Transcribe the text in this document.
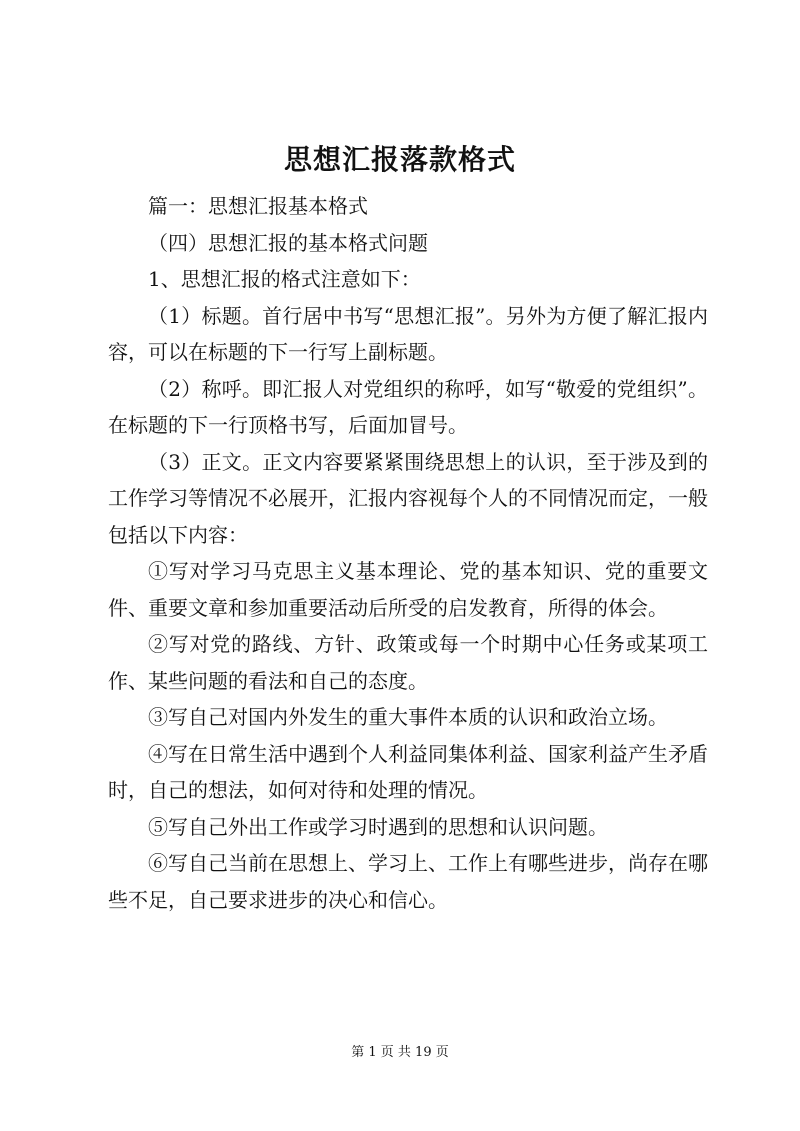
思想汇报落款格式

篇一：思想汇报基本格式

（四）思想汇报的基本格式问题

1、思想汇报的格式注意如下：

（1）标题。首行居中书写“思想汇报”。另外为方便了解汇报内容，可以在标题的下一行写上副标题。

（2）称呼。即汇报人对党组织的称呼，如写“敬爱的党组织”。在标题的下一行顶格书写，后面加冒号。

（3）正文。正文内容要紧紧围绕思想上的认识，至于涉及到的工作学习等情况不必展开，汇报内容视每个人的不同情况而定，一般包括以下内容：

①写对学习马克思主义基本理论、党的基本知识、党的重要文件、重要文章和参加重要活动后所受的启发教育，所得的体会。

②写对党的路线、方针、政策或每一个时期中心任务或某项工作、某些问题的看法和自己的态度。

③写自己对国内外发生的重大事件本质的认识和政治立场。

④写在日常生活中遇到个人利益同集体利益、国家利益产生矛盾时，自己的想法，如何对待和处理的情况。

⑤写自己外出工作或学习时遇到的思想和认识问题。

⑥写自己当前在思想上、学习上、工作上有哪些进步，尚存在哪些不足，自己要求进步的决心和信心。

第 1 页 共 19 页
